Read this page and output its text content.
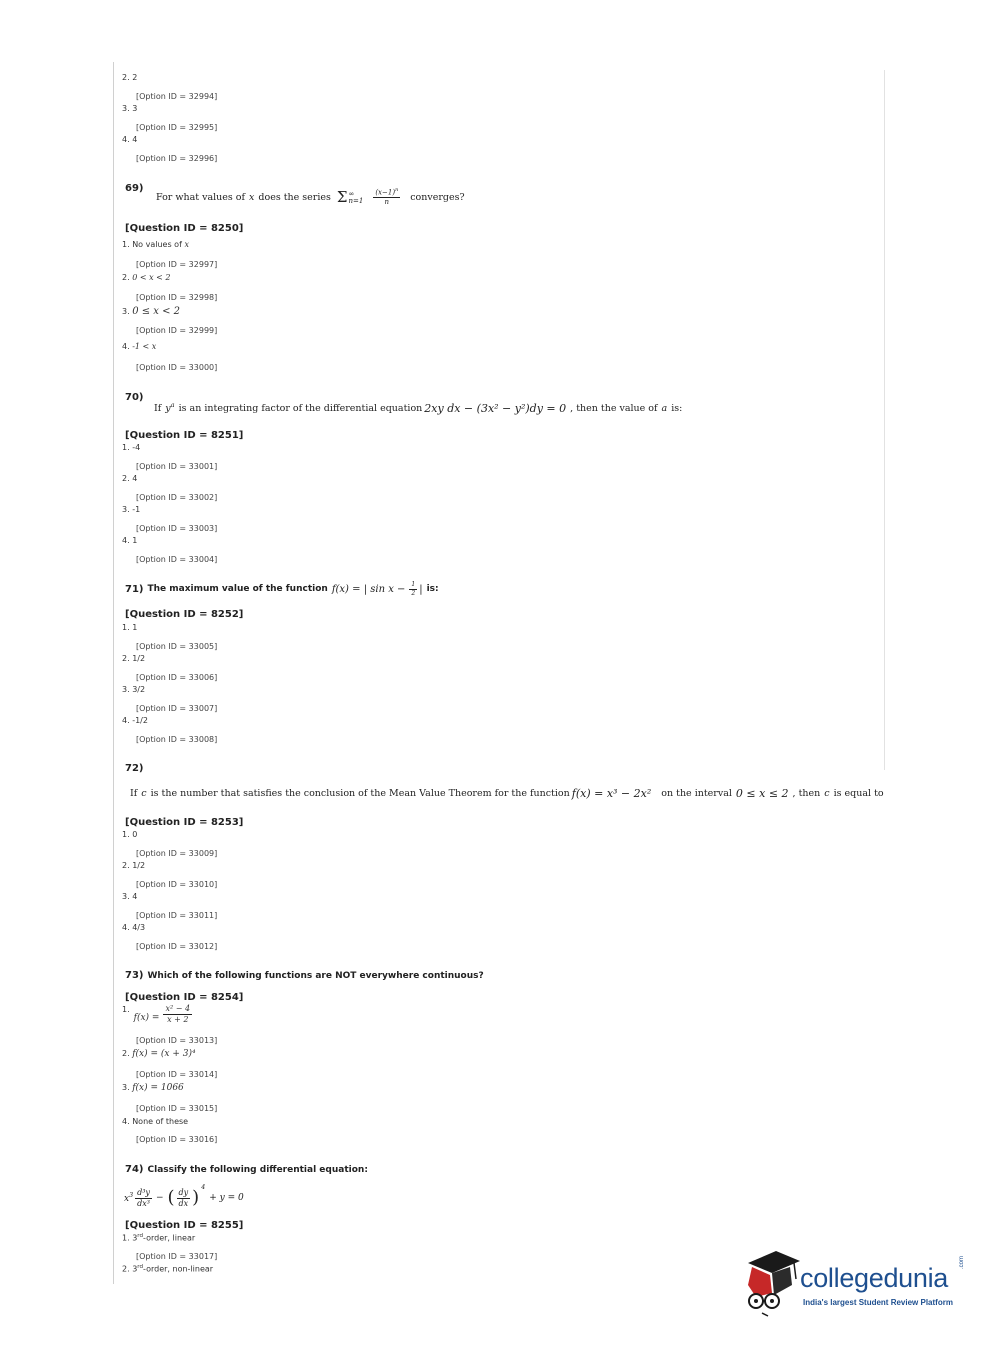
2. 2
[Option ID = 32994]
3. 3
[Option ID = 32995]
4. 4
[Option ID = 32996]
69)
For what values of x does the series Σ ∞
$n=1 \frac{(x-1)^n}{n}$ converges?
[Question ID = 8250]
1. No values of x
[Option ID = 32997]
2. 0 < x < 2
[Option ID = 32998]
3. 0 ≤ x < 2
[Option ID = 32999]
4. -1 < x
[Option ID = 33000]
70)
If $y^a$ is an integrating factor of the differential equation 2xy dx − (3x² − y²)dy = 0 , then the value of a is:
[Question ID = 8251]
1. -4
[Option ID = 33001]
2. 4
[Option ID = 33002]
3. -1
[Option ID = 33003]
4. 1
[Option ID = 33004]
71) The maximum value of the function f(x) = | $\sin x - \frac{1}{2}$ | is:
[Question ID = 8252]
1. 1
[Option ID = 33005]
2. 1/2
[Option ID = 33006]
3. 3/2
[Option ID = 33007]
4. -1/2
[Option ID = 33008]
72)
If c is the number that satisfies the conclusion of the Mean Value Theorem for the function f(x) = x³ − 2x² on the interval 0 ≤ x ≤ 2 , then c is equal to
[Question ID = 8253]
1. 0
[Option ID = 33009]
2. 1/2
[Option ID = 33010]
3. 4
[Option ID = 33011]
4. 4/3
[Option ID = 33012]
73) Which of the following functions are NOT everywhere continuous?
[Question ID = 8254]
1.
$f(x) = \frac{\text{x² − 4}}{x + 2}$
[Option ID = 33013]
2. f(x) = (x + 3)⁴
[Option ID = 33014]
3. f(x) = 1066
[Option ID = 33015]
4. None of these
[Option ID = 33016]
74) Classify the following differential equation:
$x^3 \frac{\text{d³y}}{\text{dx³}}$ − ( $\frac{dy}{dx}$ ) $^4$
+ y = 0
[Question ID = 8255]
1. 3rd-order, linear
[Option ID = 33017]
2. 3rd-order, non-linear	collegedunia
.com
India's largest Student Review Platform
